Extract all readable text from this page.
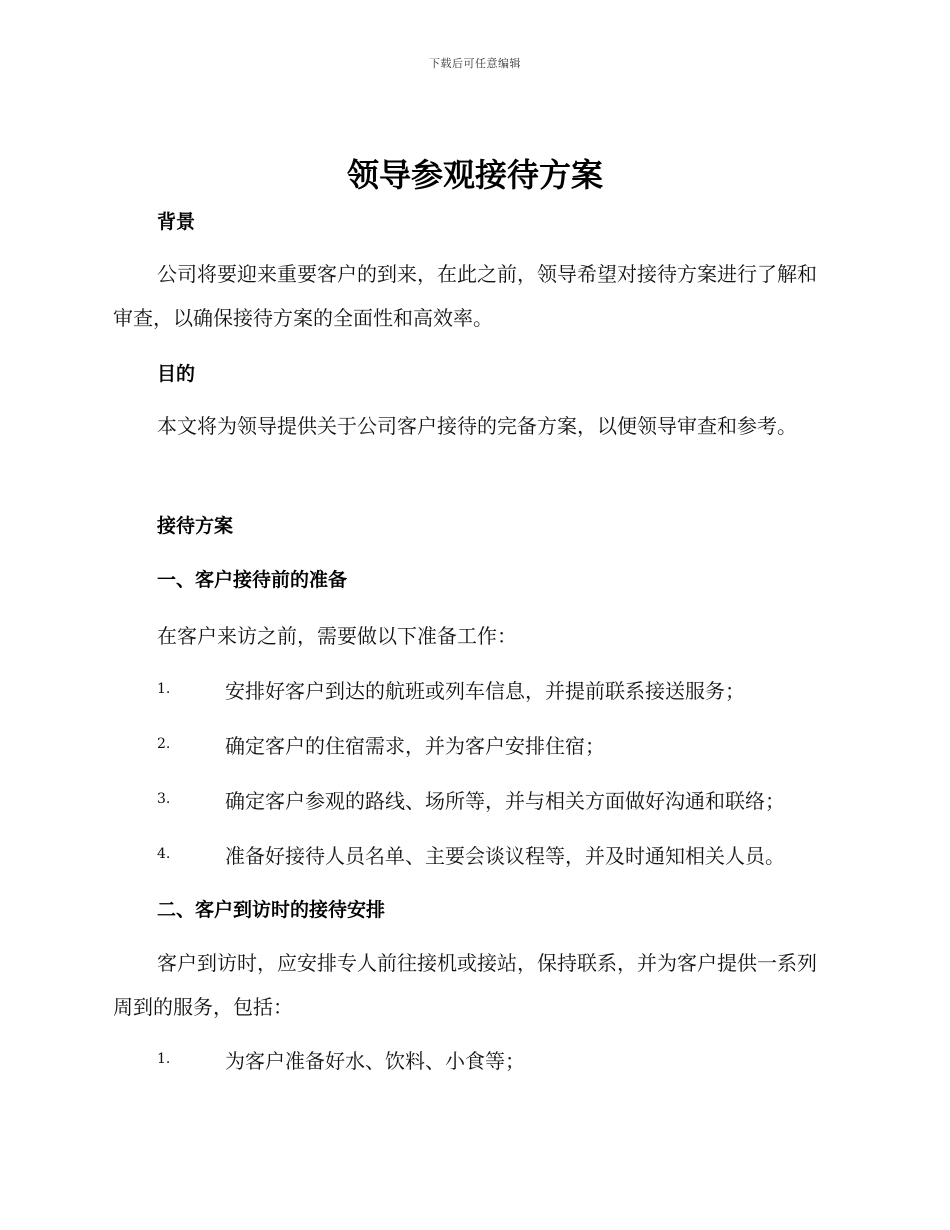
下载后可任意编辑
领导参观接待方案
背景
公司将要迎来重要客户的到来，在此之前，领导希望对接待方案进行了解和审查，以确保接待方案的全面性和高效率。
目的
本文将为领导提供关于公司客户接待的完备方案，以便领导审查和参考。
接待方案
一、客户接待前的准备
在客户来访之前，需要做以下准备工作：
1.	安排好客户到达的航班或列车信息，并提前联系接送服务；
2.	确定客户的住宿需求，并为客户安排住宿；
3.	确定客户参观的路线、场所等，并与相关方面做好沟通和联络；
4.	准备好接待人员名单、主要会谈议程等，并及时通知相关人员。
二、客户到访时的接待安排
客户到访时，应安排专人前往接机或接站，保持联系，并为客户提供一系列周到的服务，包括：
1.	为客户准备好水、饮料、小食等；
